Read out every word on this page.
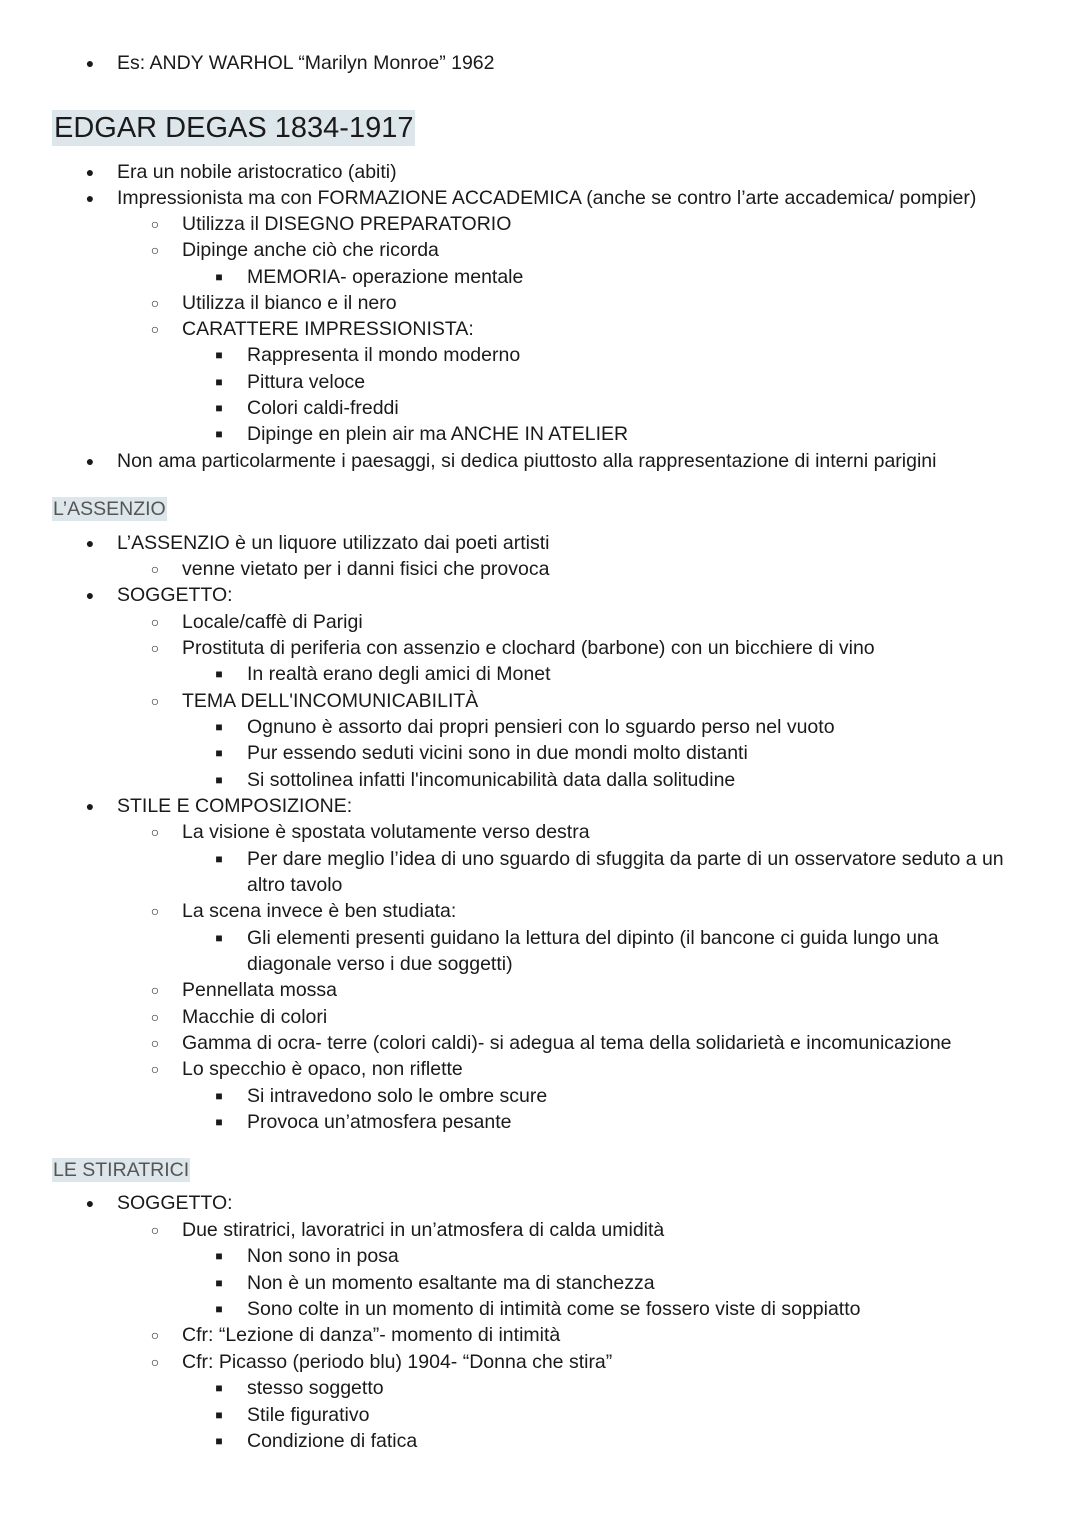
●	Es: ANDY WARHOL “Marilyn Monroe” 1962
EDGAR DEGAS 1834-1917
●	Era un nobile aristocratico (abiti)
●	Impressionista ma con FORMAZIONE ACCADEMICA (anche se contro l’arte accademica/ pompier)
○	Utilizza il DISEGNO PREPARATORIO
○	Dipinge anche ciò che ricorda
■	MEMORIA- operazione mentale
○	Utilizza il bianco e il nero
○	CARATTERE IMPRESSIONISTA:
■	Rappresenta il mondo moderno
■	Pittura veloce
■	Colori caldi-freddi
■	Dipinge en plein air ma ANCHE IN ATELIER
●	Non ama particolarmente i paesaggi, si dedica piuttosto alla rappresentazione di interni parigini
L’ASSENZIO
●	L’ASSENZIO è un liquore utilizzato dai poeti artisti
○	venne vietato per i danni fisici che provoca
●	SOGGETTO:
○	Locale/caffè di Parigi
○	Prostituta di periferia con assenzio e clochard (barbone) con un bicchiere di vino
■	In realtà erano degli amici di Monet
○	TEMA DELL'INCOMUNICABILITÀ
■	Ognuno è assorto dai propri pensieri con lo sguardo perso nel vuoto
■	Pur essendo seduti vicini sono in due mondi molto distanti
■	Si sottolinea infatti l'incomunicabilità data dalla solitudine
●	STILE E COMPOSIZIONE:
○	La visione è spostata volutamente verso destra
■	Per dare meglio l’idea di uno sguardo di sfuggita da parte di un osservatore seduto a un
altro tavolo
○	La scena invece è ben studiata:
■	Gli elementi presenti guidano la lettura del dipinto (il bancone ci guida lungo una
diagonale verso i due soggetti)
○	Pennellata mossa
○	Macchie di colori
○	Gamma di ocra- terre (colori caldi)- si adegua al tema della solidarietà e incomunicazione
○	Lo specchio è opaco, non riflette
■	Si intravedono solo le ombre scure
■	Provoca un’atmosfera pesante
LE STIRATRICI
●	SOGGETTO:
○	Due stiratrici, lavoratrici in un’atmosfera di calda umidità
■	Non sono in posa
■	Non è un momento esaltante ma di stanchezza
■	Sono colte in un momento di intimità come se fossero viste di soppiatto
○	Cfr: “Lezione di danza”- momento di intimità
○	Cfr: Picasso (periodo blu) 1904- “Donna che stira”
■	stesso soggetto
■	Stile figurativo
■	Condizione di fatica
